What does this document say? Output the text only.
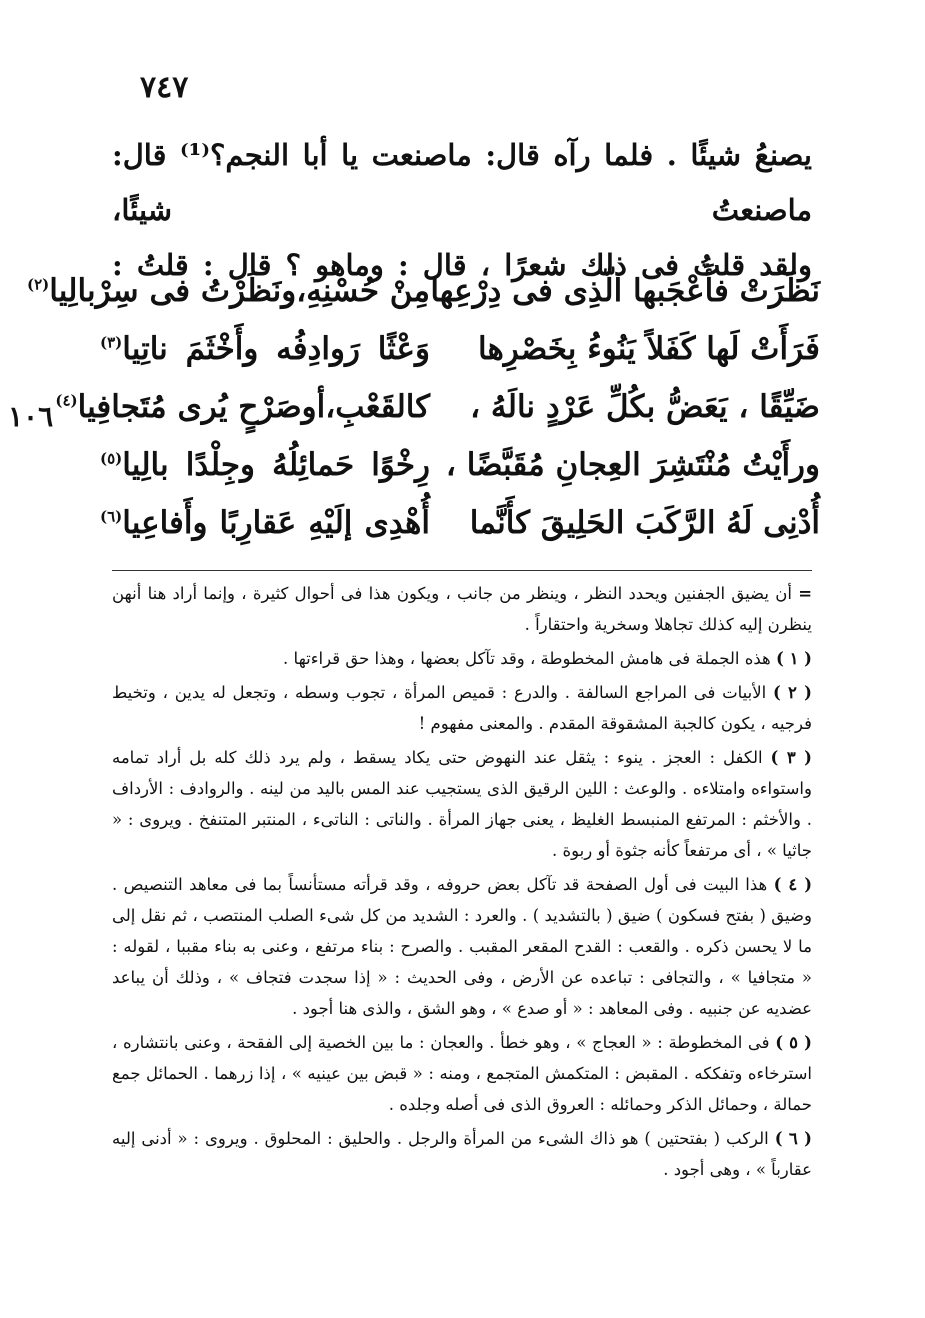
٧٤٧
١٠٦

يصنعُ شيئًا . فلما رآه قال: ماصنعت يا أبا النجم؟⁽¹⁾ قال: ماصنعتُ شيئًا،

ولقد قلتُ فى ذلك شعرًا ، قال : وماهو ؟ قال : قلتُ :

نَظَرَتْ فأَعْجَبها الّذِى فى دِرْعِها
مِنْ حُسْنِهِ،ونَظَرْتُ فى سِرْبالِيا$^{(٢)}$
فَرَأَتْ لَها كَفَلاً يَنُوءُ بِخَصْرِها
وَعْثًا رَوادِفُه وأَخْثَمَ ناتِيا$^{(٣)}$
ضَيِّقًا ، يَعَضُّ بكُلِّ عَرْدٍ نالَهُ ،
كالقَعْبِ،أوصَرْحٍ يُرى مُتَجافِيا$^{(٤)}$
ورأَيْتُ مُنْتَشِرَ العِجانِ مُقَبَّضًا ،
رِخْوًا حَمائِلُهُ وجِلْدًا بالِيا$^{(٥)}$
أُدْنِى لَهُ الرَّكَبَ الحَلِيقَ كأَنَّما
أُهْدِى إلَيْهِ عَقارِبًا وأَفاعِيا$^{(٦)}$

= أن يضيق الجفنين ويحدد النظر ، وينظر من جانب ، ويكون هذا فى أحوال كثيرة ، وإنما أراد هنا أنهن ينظرن إليه كذلك تجاهلا وسخرية واحتقاراً .

( ١ ) هذه الجملة فى هامش المخطوطة ، وقد تآكل بعضها ، وهذا حق قراءتها .

( ٢ ) الأبيات فى المراجع السالفة . والدرع : قميص المرأة ، تجوب وسطه ، وتجعل له يدين ، وتخيط فرجيه ، يكون كالجبة المشقوقة المقدم . والمعنى مفهوم !

( ٣ ) الكفل : العجز . ينوء : يثقل عند النهوض حتى يكاد يسقط ، ولم يرد ذلك كله بل أراد تمامه واستواءه وامتلاءه . والوعث : اللين الرقيق الذى يستجيب عند المس باليد من لينه . والروادف : الأرداف . والأخثم : المرتفع المنبسط الغليظ ، يعنى جهاز المرأة . والناتى : الناتىء ، المنتبر المتنفخ . ويروى : « جاثيا » ، أى مرتفعاً كأنه جثوة أو ربوة .

( ٤ ) هذا البيت فى أول الصفحة قد تآكل بعض حروفه ، وقد قرأته مستأنساً بما فى معاهد التنصيص . وضيق ( بفتح فسكون ) ضيق ( بالتشديد ) . والعرد : الشديد من كل شىء الصلب المنتصب ، ثم نقل إلى ما لا يحسن ذكره . والقعب : القدح المقعر المقبب . والصرح : بناء مرتفع ، وعنى به بناء مقببا ، لقوله : « متجافيا » ، والتجافى : تباعده عن الأرض ، وفى الحديث : « إذا سجدت فتجاف » ، وذلك أن يباعد عضديه عن جنبيه . وفى المعاهد : « أو صدع » ، وهو الشق ، والذى هنا أجود .

( ٥ ) فى المخطوطة : « العجاج » ، وهو خطأ . والعجان : ما بين الخصية إلى الفقحة ، وعنى بانتشاره ، استرخاءه وتفككه . المقبض : المتكمش المتجمع ، ومنه : « قبض بين عينيه » ، إذا زرهما . الحمائل جمع حمالة ، وحمائل الذكر وحمائله : العروق الذى فى أصله وجلده .

( ٦ ) الركب ( بفتحتين ) هو ذاك الشىء من المرأة والرجل . والحليق : المحلوق . ويروى : « أدنى إليه عقارباً » ، وهى أجود .
